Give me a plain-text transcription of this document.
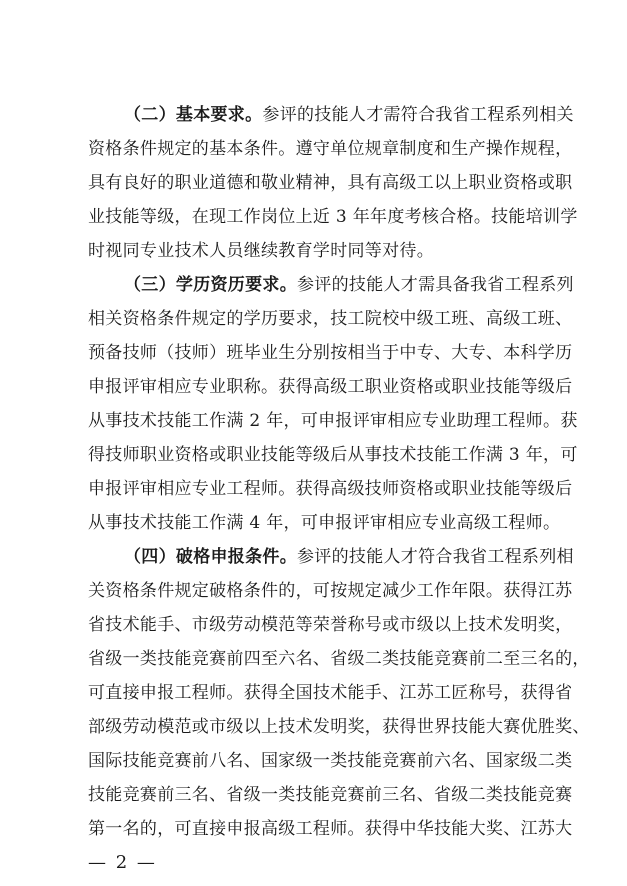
（二）基本要求。参评的技能人才需符合我省工程系列相关
资格条件规定的基本条件。遵守单位规章制度和生产操作规程，
具有良好的职业道德和敬业精神，具有高级工以上职业资格或职
业技能等级，在现工作岗位上近 3 年年度考核合格。技能培训学
时视同专业技术人员继续教育学时同等对待。
（三）学历资历要求。参评的技能人才需具备我省工程系列
相关资格条件规定的学历要求，技工院校中级工班、高级工班、
预备技师（技师）班毕业生分别按相当于中专、大专、本科学历
申报评审相应专业职称。获得高级工职业资格或职业技能等级后
从事技术技能工作满 2 年，可申报评审相应专业助理工程师。获
得技师职业资格或职业技能等级后从事技术技能工作满 3 年，可
申报评审相应专业工程师。获得高级技师资格或职业技能等级后
从事技术技能工作满 4 年，可申报评审相应专业高级工程师。
（四）破格申报条件。参评的技能人才符合我省工程系列相
关资格条件规定破格条件的，可按规定减少工作年限。获得江苏
省技术能手、市级劳动模范等荣誉称号或市级以上技术发明奖，
省级一类技能竞赛前四至六名、省级二类技能竞赛前二至三名的，
可直接申报工程师。获得全国技术能手、江苏工匠称号，获得省
部级劳动模范或市级以上技术发明奖，获得世界技能大赛优胜奖、
国际技能竞赛前八名、国家级一类技能竞赛前六名、国家级二类
技能竞赛前三名、省级一类技能竞赛前三名、省级二类技能竞赛
第一名的，可直接申报高级工程师。获得中华技能大奖、江苏大
— 2 —
